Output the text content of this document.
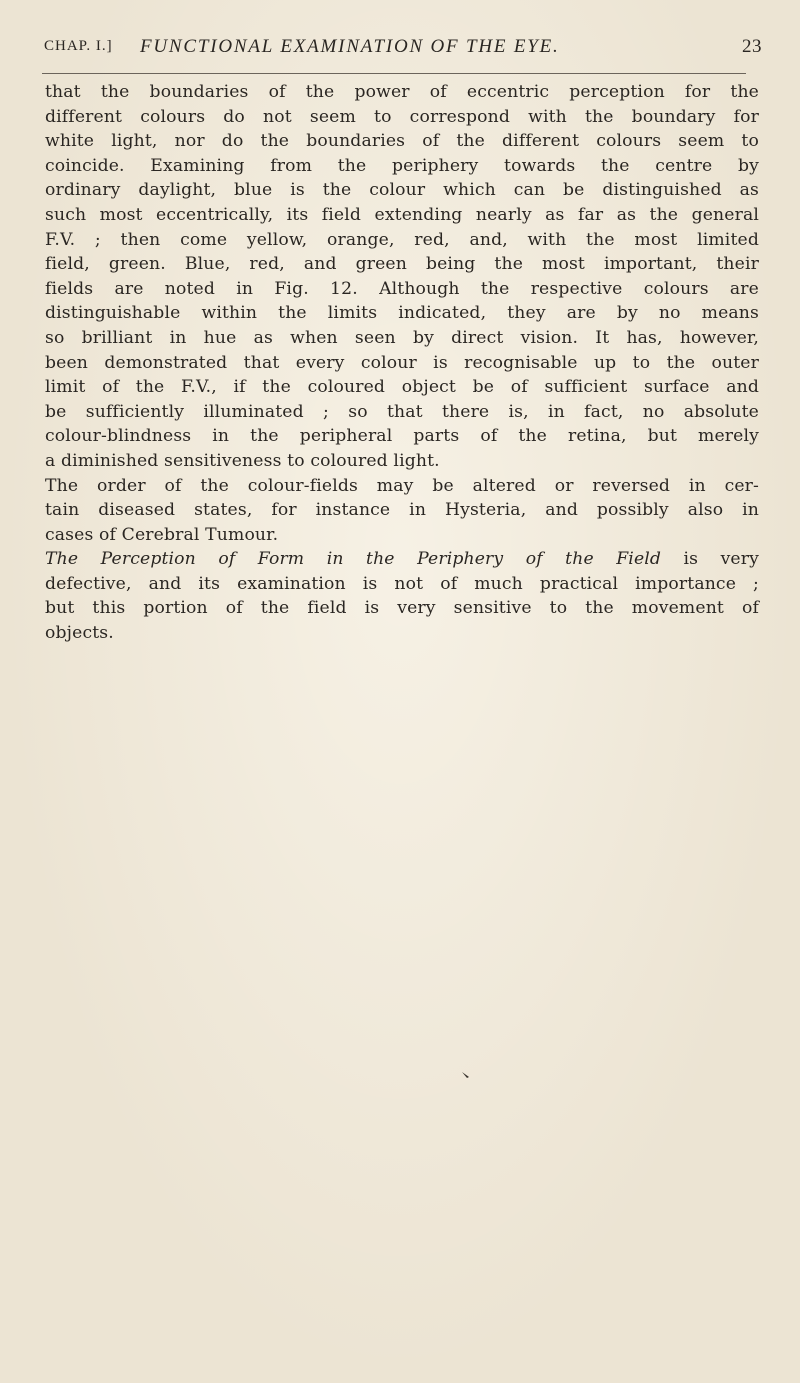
CHAP. I.] FUNCTIONAL EXAMINATION OF THE EYE.	23
that the boundaries of the power of eccentric perception for the
different colours do not seem to correspond with the boundary for
white light, nor do the boundaries of the different colours seem to
coincide. Examining from the periphery towards the centre by
ordinary daylight, blue is the colour which can be distinguished as
such most eccentrically, its field extending nearly as far as the general
F.V. ; then come yellow, orange, red, and, with the most limited
field, green. Blue, red, and green being the most important, their
fields are noted in Fig. 12. Although the respective colours are
distinguishable within the limits indicated, they are by no means
so brilliant in hue as when seen by direct vision. It has, however,
been demonstrated that every colour is recognisable up to the outer
limit of the F.V., if the coloured object be of sufficient surface and
be sufficiently illuminated ; so that there is, in fact, no absolute
colour-blindness in the peripheral parts of the retina, but merely
a diminished sensitiveness to coloured light.
The order of the colour-fields may be altered or reversed in cer-
tain diseased states, for instance in Hysteria, and possibly also in
cases of Cerebral Tumour.
The Perception of Form in the Periphery of the Field is very
defective, and its examination is not of much practical importance ;
but this portion of the field is very sensitive to the movement of
objects.
